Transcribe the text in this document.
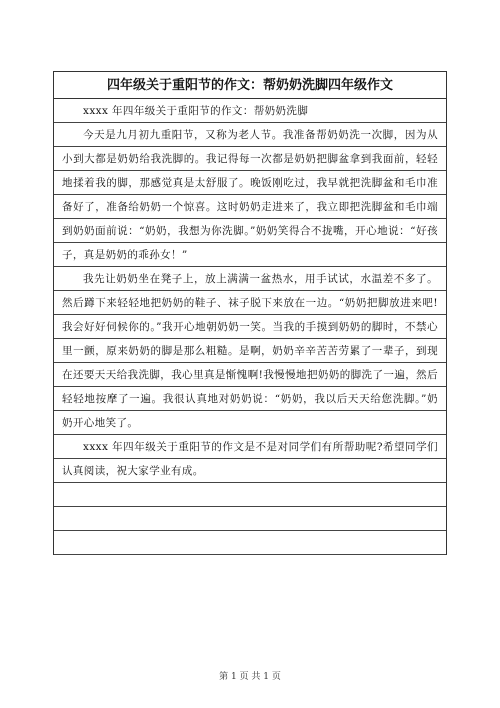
四年级关于重阳节的作文：帮奶奶洗脚四年级作文

xxxx 年四年级关于重阳节的作文：帮奶奶洗脚

今天是九月初九重阳节，又称为老人节。我准备帮奶奶洗一次脚，因为从小到大都是奶奶给我洗脚的。我记得每一次都是奶奶把脚盆拿到我面前，轻轻地揉着我的脚，那感觉真是太舒服了。晚饭刚吃过，我早就把洗脚盆和毛巾准备好了，准备给奶奶一个惊喜。这时奶奶走进来了，我立即把洗脚盆和毛巾端到奶奶面前说：“奶奶，我想为你洗脚。”奶奶笑得合不拢嘴，开心地说：“好孩子，真是奶奶的乖孙女！”

我先让奶奶坐在凳子上，放上满满一盆热水，用手试试，水温差不多了。然后蹲下来轻轻地把奶奶的鞋子、袜子脱下来放在一边。“奶奶把脚放进来吧!我会好好伺候你的。”我开心地朝奶奶一笑。当我的手摸到奶奶的脚时，不禁心里一颤，原来奶奶的脚是那么粗糙。是啊，奶奶辛辛苦苦劳累了一辈子，到现在还要天天给我洗脚，我心里真是惭愧啊!我慢慢地把奶奶的脚洗了一遍，然后轻轻地按摩了一遍。我很认真地对奶奶说：“奶奶，我以后天天给您洗脚。”奶奶开心地笑了。

xxxx 年四年级关于重阳节的作文是不是对同学们有所帮助呢?希望同学们认真阅读，祝大家学业有成。

第 1 页 共 1 页
